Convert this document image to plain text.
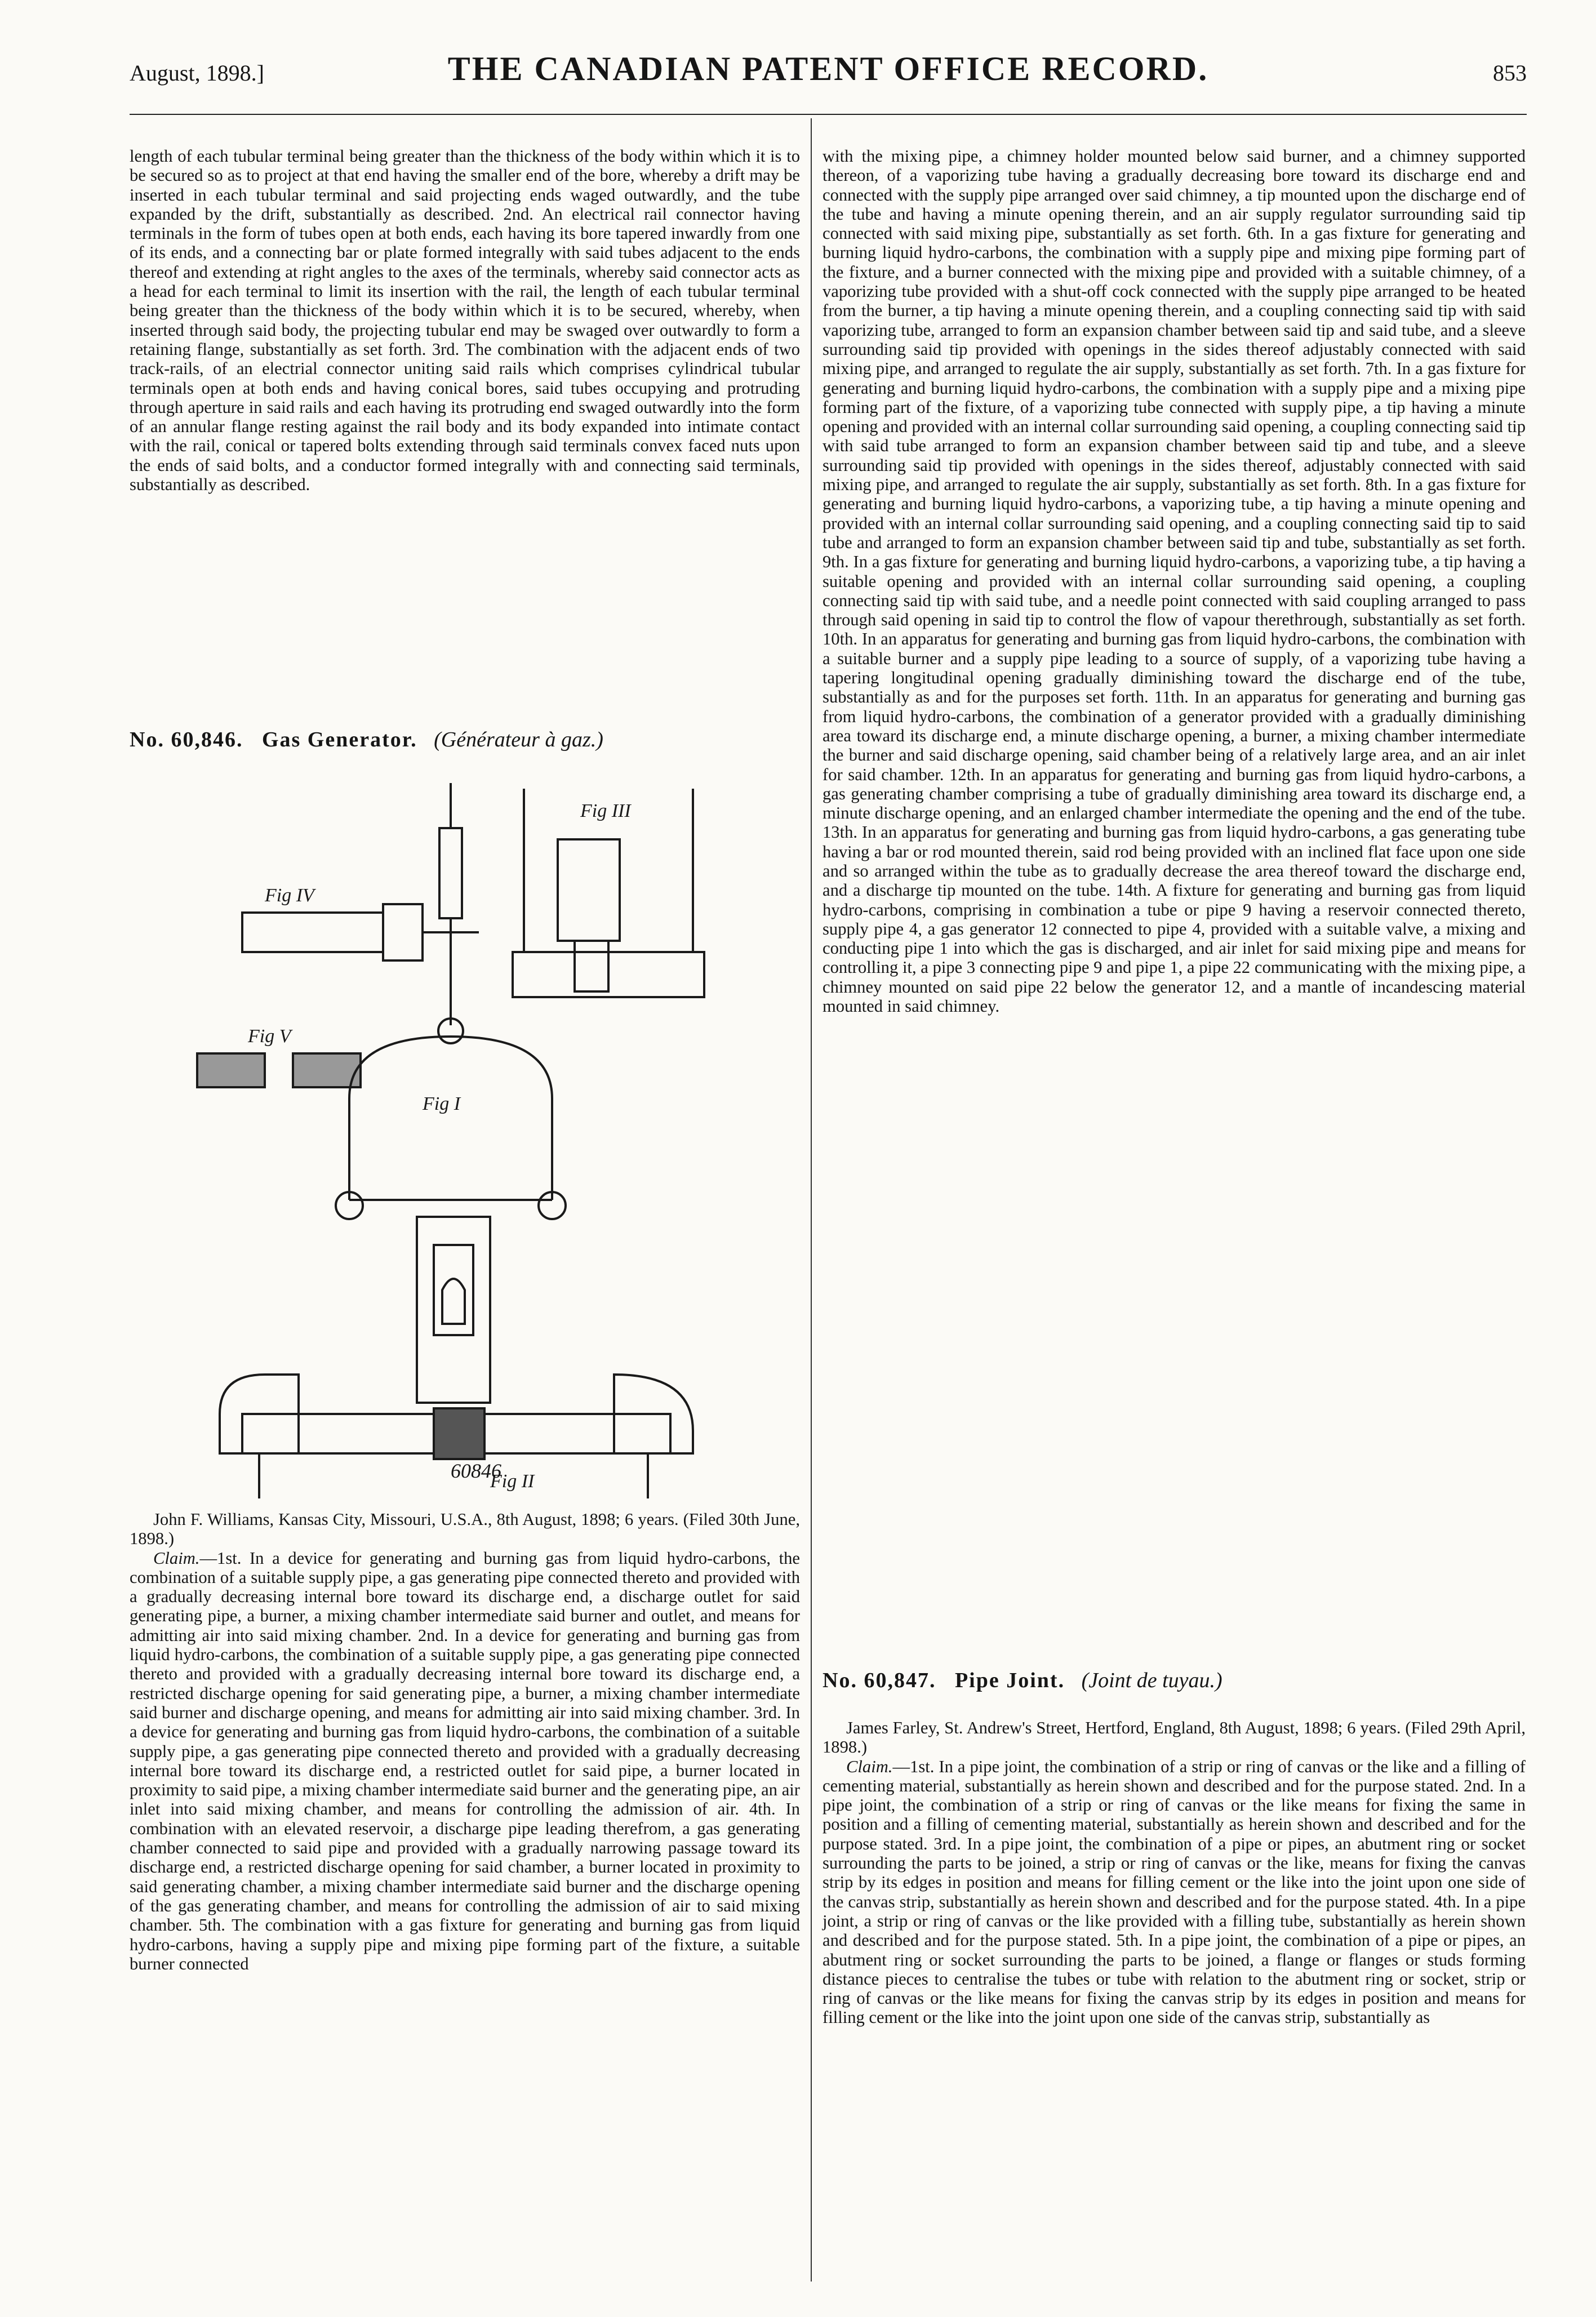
August, 1898.]	THE CANADIAN PATENT OFFICE RECORD.	853

length of each tubular terminal being greater than the thickness of the body within which it is to be secured so as to project at that end having the smaller end of the bore, whereby a drift may be inserted in each tubular terminal and said projecting ends waged outwardly, and the tube expanded by the drift, substantially as described. 2nd. An electrical rail connector having terminals in the form of tubes open at both ends, each having its bore tapered inwardly from one of its ends, and a connecting bar or plate formed integrally with said tubes adjacent to the ends thereof and extending at right angles to the axes of the terminals, whereby said connector acts as a head for each terminal to limit its insertion with the rail, the length of each tubular terminal being greater than the thickness of the body within which it is to be secured, whereby, when inserted through said body, the projecting tubular end may be swaged over outwardly to form a retaining flange, substantially as set forth. 3rd. The combination with the adjacent ends of two track-rails, of an electrial connector uniting said rails which comprises cylindrical tubular terminals open at both ends and having conical bores, said tubes occupying and protruding through aperture in said rails and each having its protruding end swaged outwardly into the form of an annular flange resting against the rail body and its body expanded into intimate contact with the rail, conical or tapered bolts extending through said terminals convex faced nuts upon the ends of said bolts, and a conductor formed integrally with and connecting said terminals, substantially as described.

No. 60,846. Gas Generator. (Générateur à gaz.)

Fig II
Fig I
Fig III
Fig IV
Fig V
60846

John F. Williams, Kansas City, Missouri, U.S.A., 8th August, 1898; 6 years. (Filed 30th June, 1898.)

Claim.—1st. In a device for generating and burning gas from liquid hydro-carbons, the combination of a suitable supply pipe, a gas generating pipe connected thereto and provided with a gradually decreasing internal bore toward its discharge end, a discharge outlet for said generating pipe, a burner, a mixing chamber intermediate said burner and outlet, and means for admitting air into said mixing chamber. 2nd. In a device for generating and burning gas from liquid hydro-carbons, the combination of a suitable supply pipe, a gas generating pipe connected thereto and provided with a gradually decreasing internal bore toward its discharge end, a restricted discharge opening for said generating pipe, a burner, a mixing chamber intermediate said burner and discharge opening, and means for admitting air into said mixing chamber. 3rd. In a device for generating and burning gas from liquid hydro-carbons, the combination of a suitable supply pipe, a gas generating pipe connected thereto and provided with a gradually decreasing internal bore toward its discharge end, a restricted outlet for said pipe, a burner located in proximity to said pipe, a mixing chamber intermediate said burner and the generating pipe, an air inlet into said mixing chamber, and means for controlling the admission of air. 4th. In combination with an elevated reservoir, a discharge pipe leading therefrom, a gas generating chamber connected to said pipe and provided with a gradually narrowing passage toward its discharge end, a restricted discharge opening for said chamber, a burner located in proximity to said generating chamber, a mixing chamber intermediate said burner and the discharge opening of the gas generating chamber, and means for controlling the admission of air to said mixing chamber. 5th. The combination with a gas fixture for generating and burning gas from liquid hydro-carbons, having a supply pipe and mixing pipe forming part of the fixture, a suitable burner connected

with the mixing pipe, a chimney holder mounted below said burner, and a chimney supported thereon, of a vaporizing tube having a gradually decreasing bore toward its discharge end and connected with the supply pipe arranged over said chimney, a tip mounted upon the discharge end of the tube and having a minute opening therein, and an air supply regulator surrounding said tip connected with said mixing pipe, substantially as set forth. 6th. In a gas fixture for generating and burning liquid hydro-carbons, the combination with a supply pipe and mixing pipe forming part of the fixture, and a burner connected with the mixing pipe and provided with a suitable chimney, of a vaporizing tube provided with a shut-off cock connected with the supply pipe arranged to be heated from the burner, a tip having a minute opening therein, and a coupling connecting said tip with said vaporizing tube, arranged to form an expansion chamber between said tip and said tube, and a sleeve surrounding said tip provided with openings in the sides thereof adjustably connected with said mixing pipe, and arranged to regulate the air supply, substantially as set forth. 7th. In a gas fixture for generating and burning liquid hydro-carbons, the combination with a supply pipe and a mixing pipe forming part of the fixture, of a vaporizing tube connected with supply pipe, a tip having a minute opening and provided with an internal collar surrounding said opening, a coupling connecting said tip with said tube arranged to form an expansion chamber between said tip and tube, and a sleeve surrounding said tip provided with openings in the sides thereof, adjustably connected with said mixing pipe, and arranged to regulate the air supply, substantially as set forth. 8th. In a gas fixture for generating and burning liquid hydro-carbons, a vaporizing tube, a tip having a minute opening and provided with an internal collar surrounding said opening, and a coupling connecting said tip to said tube and arranged to form an expansion chamber between said tip and tube, substantially as set forth. 9th. In a gas fixture for generating and burning liquid hydro-carbons, a vaporizing tube, a tip having a suitable opening and provided with an internal collar surrounding said opening, a coupling connecting said tip with said tube, and a needle point connected with said coupling arranged to pass through said opening in said tip to control the flow of vapour therethrough, substantially as set forth. 10th. In an apparatus for generating and burning gas from liquid hydro-carbons, the combination with a suitable burner and a supply pipe leading to a source of supply, of a vaporizing tube having a tapering longitudinal opening gradually diminishing toward the discharge end of the tube, substantially as and for the purposes set forth. 11th. In an apparatus for generating and burning gas from liquid hydro-carbons, the combination of a generator provided with a gradually diminishing area toward its discharge end, a minute discharge opening, a burner, a mixing chamber intermediate the burner and said discharge opening, said chamber being of a relatively large area, and an air inlet for said chamber. 12th. In an apparatus for generating and burning gas from liquid hydro-carbons, a gas generating chamber comprising a tube of gradually diminishing area toward its discharge end, a minute discharge opening, and an enlarged chamber intermediate the opening and the end of the tube. 13th. In an apparatus for generating and burning gas from liquid hydro-carbons, a gas generating tube having a bar or rod mounted therein, said rod being provided with an inclined flat face upon one side and so arranged within the tube as to gradually decrease the area thereof toward the discharge end, and a discharge tip mounted on the tube. 14th. A fixture for generating and burning gas from liquid hydro-carbons, comprising in combination a tube or pipe 9 having a reservoir connected thereto, supply pipe 4, a gas generator 12 connected to pipe 4, provided with a suitable valve, a mixing and conducting pipe 1 into which the gas is discharged, and air inlet for said mixing pipe and means for controlling it, a pipe 3 connecting pipe 9 and pipe 1, a pipe 22 communicating with the mixing pipe, a chimney mounted on said pipe 22 below the generator 12, and a mantle of incandescing material mounted in said chimney.

No. 60,847. Pipe Joint. (Joint de tuyau.)

James Farley, St. Andrew's Street, Hertford, England, 8th August, 1898; 6 years. (Filed 29th April, 1898.)

Claim.—1st. In a pipe joint, the combination of a strip or ring of canvas or the like and a filling of cementing material, substantially as herein shown and described and for the purpose stated. 2nd. In a pipe joint, the combination of a strip or ring of canvas or the like means for fixing the same in position and a filling of cementing material, substantially as herein shown and described and for the purpose stated. 3rd. In a pipe joint, the combination of a pipe or pipes, an abutment ring or socket surrounding the parts to be joined, a strip or ring of canvas or the like, means for fixing the canvas strip by its edges in position and means for filling cement or the like into the joint upon one side of the canvas strip, substantially as herein shown and described and for the purpose stated. 4th. In a pipe joint, a strip or ring of canvas or the like provided with a filling tube, substantially as herein shown and described and for the purpose stated. 5th. In a pipe joint, the combination of a pipe or pipes, an abutment ring or socket surrounding the parts to be joined, a flange or flanges or studs forming distance pieces to centralise the tubes or tube with relation to the abutment ring or socket, strip or ring of canvas or the like means for fixing the canvas strip by its edges in position and means for filling cement or the like into the joint upon one side of the canvas strip, substantially as
